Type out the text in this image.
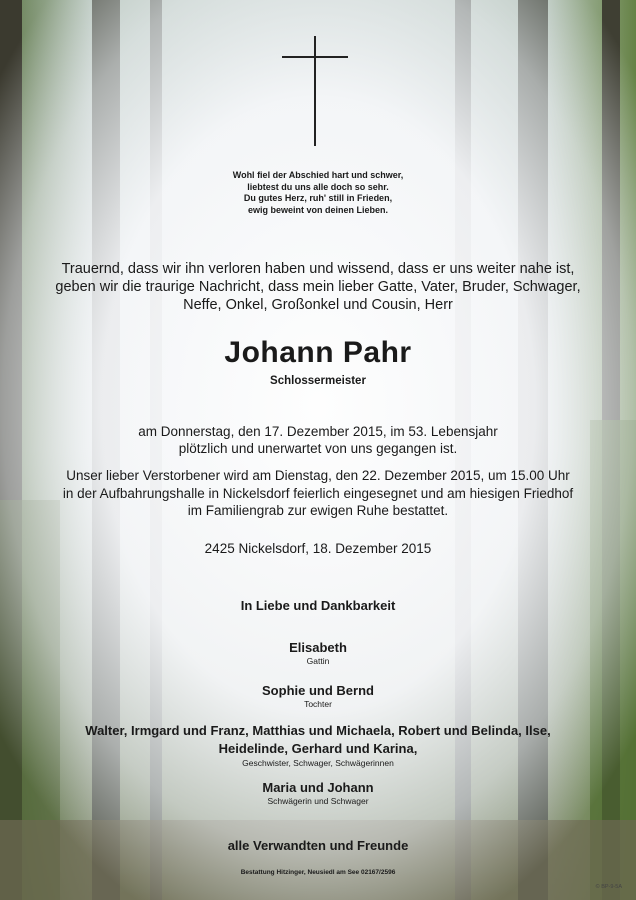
Wohl fiel der Abschied hart und schwer,
liebtest du uns alle doch so sehr.
Du gutes Herz, ruh' still in Frieden,
ewig beweint von deinen Lieben.

Trauernd, dass wir ihn verloren haben und wissend, dass er uns weiter nahe ist, geben wir die traurige Nachricht, dass mein lieber Gatte, Vater, Bruder, Schwager, Neffe, Onkel, Großonkel und Cousin, Herr

Johann Pahr
Schlossermeister
am Donnerstag, den 17. Dezember 2015, im 53. Lebensjahr
plötzlich und unerwartet von uns gegangen ist.
Unser lieber Verstorbener wird am Dienstag, den 22. Dezember 2015, um 15.00 Uhr
in der Aufbahrungshalle in Nickelsdorf feierlich eingesegnet und am hiesigen Friedhof
im Familiengrab zur ewigen Ruhe bestattet.
2425 Nickelsdorf, 18. Dezember 2015
In Liebe und Dankbarkeit
Elisabeth
Gattin
Sophie und Bernd
Tochter
Walter, Irmgard und Franz, Matthias und Michaela, Robert und Belinda, Ilse,
Heidelinde, Gerhard und Karina,
Geschwister, Schwager, Schwägerinnen
Maria und Johann
Schwägerin und Schwager
alle Verwandten und Freunde
Bestattung Hitzinger, Neusiedl am See 02167/2596
© BP-9-5A
